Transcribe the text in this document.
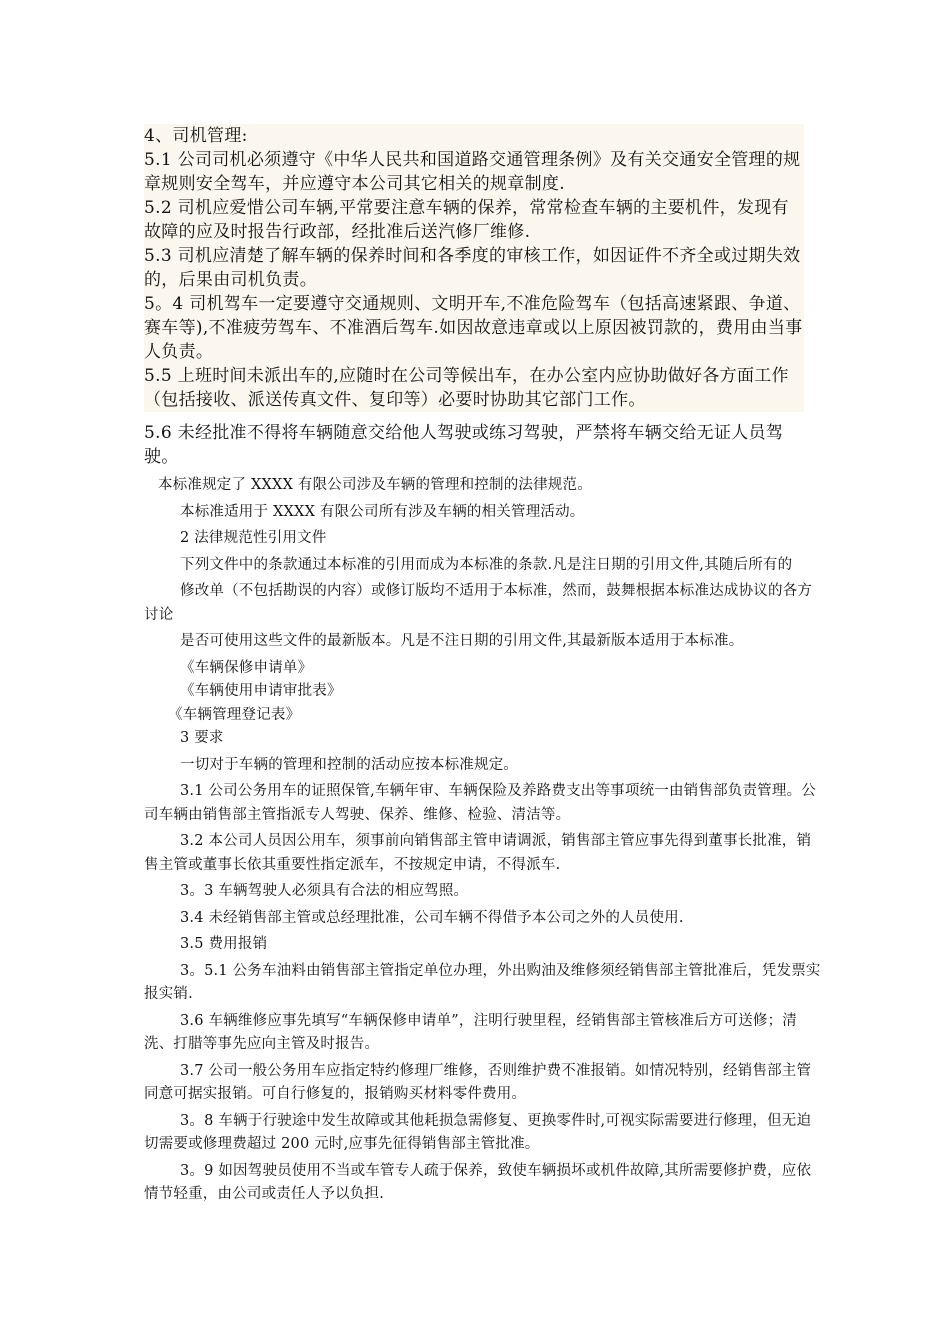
4、司机管理:

5.1 公司司机必须遵守《中华人民共和国道路交通管理条例》及有关交通安全管理的规章规则安全驾车，并应遵守本公司其它相关的规章制度.

5.2 司机应爱惜公司车辆,平常要注意车辆的保养，常常检查车辆的主要机件，发现有故障的应及时报告行政部，经批准后送汽修厂维修.

5.3 司机应清楚了解车辆的保养时间和各季度的审核工作，如因证件不齐全或过期失效的，后果由司机负责。

5。4 司机驾车一定要遵守交通规则、文明开车,不准危险驾车（包括高速紧跟、争道、赛车等),不准疲劳驾车、不准酒后驾车.如因故意违章或以上原因被罚款的，费用由当事人负责。

5.5 上班时间未派出车的,应随时在公司等候出车，在办公室内应协助做好各方面工作（包括接收、派送传真文件、复印等）必要时协助其它部门工作。

5.6 未经批准不得将车辆随意交给他人驾驶或练习驾驶，严禁将车辆交给无证人员驾驶。

本标准规定了 XXXX 有限公司涉及车辆的管理和控制的法律规范。

本标准适用于 XXXX 有限公司所有涉及车辆的相关管理活动。

2 法律规范性引用文件

下列文件中的条款通过本标准的引用而成为本标准的条款.凡是注日期的引用文件,其随后所有的

修改单（不包括勘误的内容）或修订版均不适用于本标准，然而，鼓舞根据本标准达成协议的各方讨论

是否可使用这些文件的最新版本。凡是不注日期的引用文件,其最新版本适用于本标准。

《车辆保修申请单》

《车辆使用申请审批表》

《车辆管理登记表》

3 要求

一切对于车辆的管理和控制的活动应按本标准规定。

3.1 公司公务用车的证照保管,车辆年审、车辆保险及养路费支出等事项统一由销售部负责管理。公司车辆由销售部主管指派专人驾驶、保养、维修、检验、清洁等。

3.2 本公司人员因公用车，须事前向销售部主管申请调派，销售部主管应事先得到董事长批准，销售主管或董事长依其重要性指定派车，不按规定申请，不得派车.

3。3 车辆驾驶人必须具有合法的相应驾照。

3.4 未经销售部主管或总经理批准，公司车辆不得借予本公司之外的人员使用.

3.5 费用报销

3。5.1 公务车油料由销售部主管指定单位办理，外出购油及维修须经销售部主管批准后，凭发票实报实销.

3.6 车辆维修应事先填写“车辆保修申请单”，注明行驶里程，经销售部主管核准后方可送修；清洗、打腊等事先应向主管及时报告。

3.7 公司一般公务用车应指定特约修理厂维修，否则维护费不准报销。如情况特别，经销售部主管同意可据实报销。可自行修复的，报销购买材料零件费用。

3。8 车辆于行驶途中发生故障或其他耗损急需修复、更换零件时,可视实际需要进行修理，但无迫切需要或修理费超过 200 元时,应事先征得销售部主管批准。

3。9 如因驾驶员使用不当或车管专人疏于保养，致使车辆损坏或机件故障,其所需要修护费，应依情节轻重，由公司或责任人予以负担.
